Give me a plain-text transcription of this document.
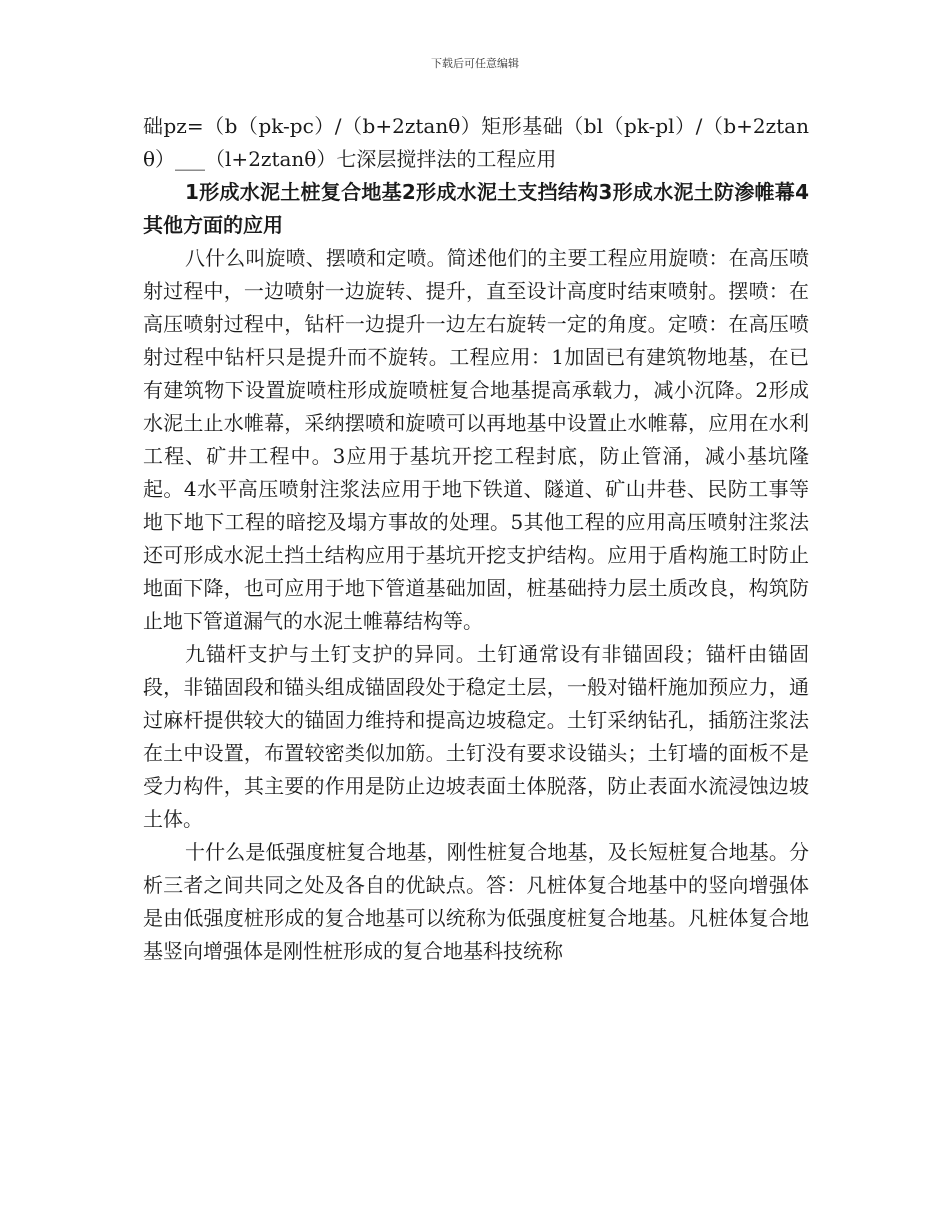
下载后可任意编辑

础pz=（b（pk-pc）/（b+2ztanθ）矩形基础（bl（pk-pl）/（b+2ztanθ）___（l+2ztanθ）七深层搅拌法的工程应用

1形成水泥土桩复合地基2形成水泥土支挡结构3形成水泥土防渗帷幕4其他方面的应用

八什么叫旋喷、摆喷和定喷。简述他们的主要工程应用旋喷：在高压喷射过程中，一边喷射一边旋转、提升，直至设计高度时结束喷射。摆喷：在高压喷射过程中，钻杆一边提升一边左右旋转一定的角度。定喷：在高压喷射过程中钻杆只是提升而不旋转。工程应用：1加固已有建筑物地基，在已有建筑物下设置旋喷柱形成旋喷桩复合地基提高承载力，减小沉降。2形成水泥土止水帷幕，采纳摆喷和旋喷可以再地基中设置止水帷幕，应用在水利工程、矿井工程中。3应用于基坑开挖工程封底，防止管涌，减小基坑隆起。4水平高压喷射注浆法应用于地下铁道、隧道、矿山井巷、民防工事等地下地下工程的暗挖及塌方事故的处理。5其他工程的应用高压喷射注浆法还可形成水泥土挡土结构应用于基坑开挖支护结构。应用于盾构施工时防止地面下降，也可应用于地下管道基础加固，桩基础持力层土质改良，构筑防止地下管道漏气的水泥土帷幕结构等。

九锚杆支护与土钉支护的异同。土钉通常设有非锚固段；锚杆由锚固段，非锚固段和锚头组成锚固段处于稳定土层，一般对锚杆施加预应力，通过麻杆提供较大的锚固力维持和提高边坡稳定。土钉采纳钻孔，插筋注浆法在土中设置，布置较密类似加筋。土钉没有要求设锚头；土钉墙的面板不是受力构件，其主要的作用是防止边坡表面土体脱落，防止表面水流浸蚀边坡土体。

十什么是低强度桩复合地基，刚性桩复合地基，及长短桩复合地基。分析三者之间共同之处及各自的优缺点。答：凡桩体复合地基中的竖向增强体是由低强度桩形成的复合地基可以统称为低强度桩复合地基。凡桩体复合地基竖向增强体是刚性桩形成的复合地基科技统称
